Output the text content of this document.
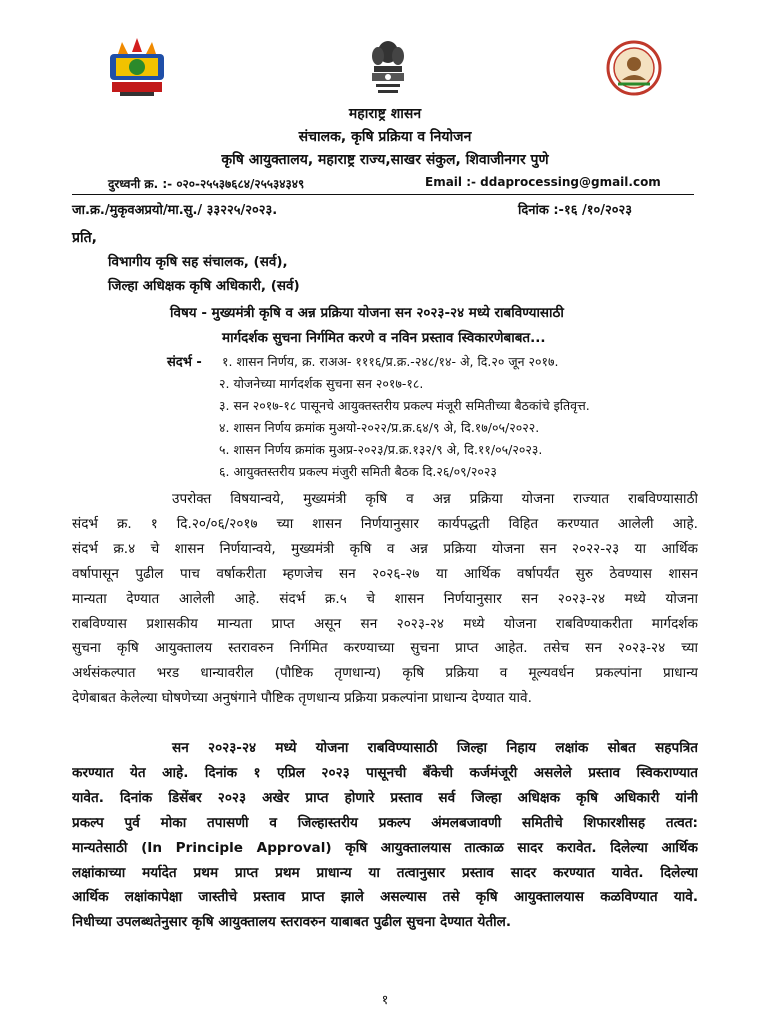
महाराष्ट्र शासन
संचालक, कृषि प्रक्रिया व नियोजन
कृषि आयुक्तालय, महाराष्ट्र राज्य,साखर संकुल, शिवाजीनगर पुणे
दुरध्वनी क्र. :- ०२०-२५५३७६८४/२५५३४३४९	Email :- ddaprocessing@gmail.com
जा.क्र./मुकृवअप्रयो/मा.सु./ ३३२२५/२०२३.	दिनांक :-१६ /१०/२०२३
प्रति,
विभागीय कृषि सह संचालक, (सर्व),
जिल्हा अधिक्षक कृषि अधिकारी, (सर्व)
विषय - मुख्यमंत्री कृषि व अन्न प्रक्रिया योजना सन २०२३-२४ मध्ये राबविण्यासाठी
मार्गदर्शक सुचना निर्गमित करणे व नविन प्रस्ताव स्विकारणेबाबत...
संदर्भ - १. शासन निर्णय, क्र. राअअ- १११६/प्र.क्र.-२४८/१४- अे, दि.२० जून २०१७.
२. योजनेच्या मार्गदर्शक सुचना सन २०१७-१८.
३. सन २०१७-१८ पासूनचे आयुक्तस्तरीय प्रकल्प मंजूरी समितीच्या बैठकांचे इतिवृत्त.
४. शासन निर्णय क्रमांक मुअयो-२०२२/प्र.क्र.६४/९ अे, दि.१७/०५/२०२२.
५. शासन निर्णय क्रमांक मुअप्र-२०२३/प्र.क्र.१३२/९ अे, दि.११/०५/२०२३.
६. आयुक्तस्तरीय प्रकल्प मंजुरी समिती बैठक दि.२६/०९/२०२३
उपरोक्त विषयान्वये, मुख्यमंत्री कृषि व अन्न प्रक्रिया योजना राज्यात राबविण्यासाठी
संदर्भ क्र. १ दि.२०/०६/२०१७ च्या शासन निर्णयानुसार कार्यपद्धती विहित करण्यात आलेली आहे.
संदर्भ क्र.४ चे शासन निर्णयान्वये, मुख्यमंत्री कृषि व अन्न प्रक्रिया योजना सन २०२२-२३ या आर्थिक
वर्षापासून पुढील पाच वर्षाकरीता म्हणजेच सन २०२६-२७ या आर्थिक वर्षापर्यंत सुरु ठेवण्यास शासन
मान्यता देण्यात आलेली आहे. संदर्भ क्र.५ चे शासन निर्णयानुसार सन २०२३-२४ मध्ये योजना
राबविण्यास प्रशासकीय मान्यता प्राप्त असून सन २०२३-२४ मध्ये योजना राबविण्याकरीता मार्गदर्शक
सुचना कृषि आयुक्तालय स्तरावरुन निर्गमित करण्याच्या सुचना प्राप्त आहेत. तसेच सन २०२३-२४ च्या
अर्थसंकल्पात भरड धान्यावरील (पौष्टिक तृणधान्य) कृषि प्रक्रिया व मूल्यवर्धन प्रकल्पांना प्राधान्य
देणेबाबत केलेल्या घोषणेच्या अनुषंगाने पौष्टिक तृणधान्य प्रक्रिया प्रकल्पांना प्राधान्य देण्यात यावे.
सन २०२३-२४ मध्ये योजना राबविण्यासाठी जिल्हा निहाय लक्षांक सोबत सहपत्रित
करण्यात येत आहे. दिनांक १ एप्रिल २०२३ पासूनची बँकेची कर्जमंजूरी असलेले प्रस्ताव स्विकराण्यात
यावेत. दिनांक डिसेंबर २०२३ अखेर प्राप्त होणारे प्रस्ताव सर्व जिल्हा अधिक्षक कृषि अधिकारी यांनी
प्रकल्प पुर्व मोका तपासणी व जिल्हास्तरीय प्रकल्प अंमलबजावणी समितीचे शिफारशीसह तत्वत:
मान्यतेसाठी (In Principle Approval) कृषि आयुक्तालयास तात्काळ सादर करावेत. दिलेल्या आर्थिक
लक्षांकाच्या मर्यादेत प्रथम प्राप्त प्रथम प्राधान्य या तत्वानुसार प्रस्ताव सादर करण्यात यावेत. दिलेल्या
आर्थिक लक्षांकापेक्षा जास्तीचे प्रस्ताव प्राप्त झाले असल्यास तसे कृषि आयुक्तालयास कळविण्यात यावे.
निधीच्या उपलब्धतेनुसार कृषि आयुक्तालय स्तरावरुन याबाबत पुढील सुचना देण्यात येतील.
१
